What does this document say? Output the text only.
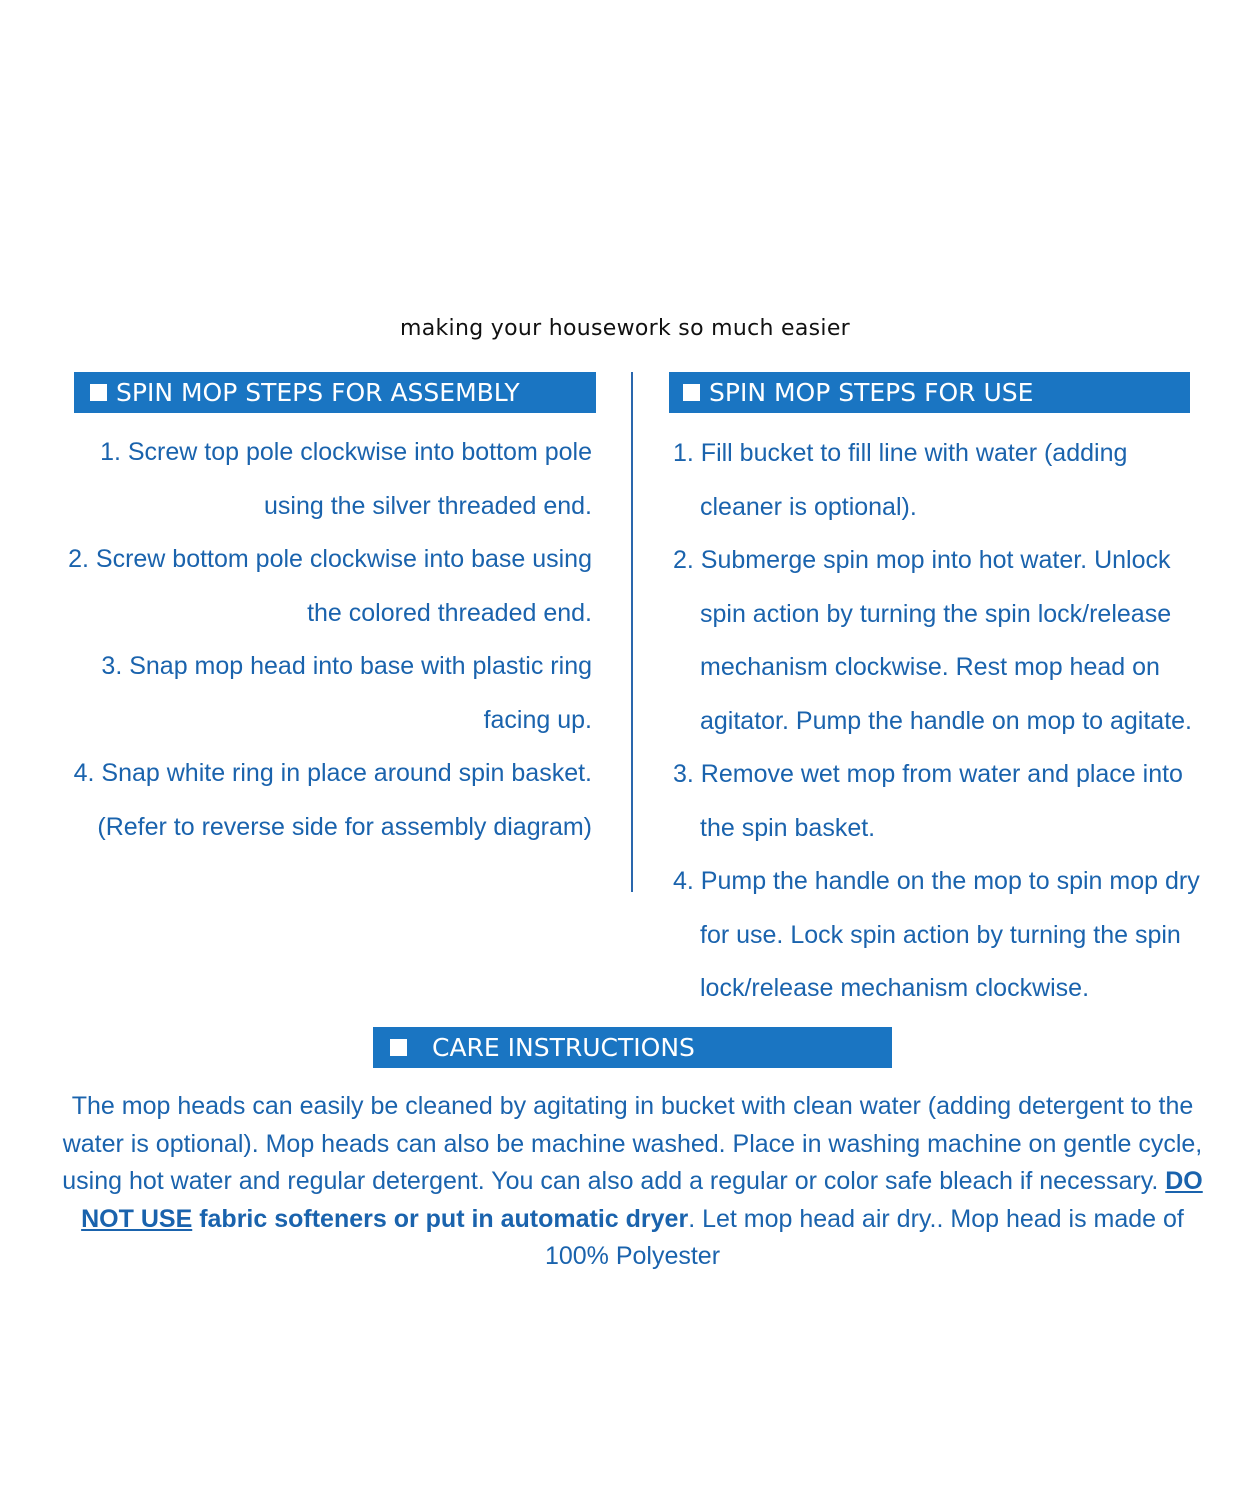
making your housework so much easier
SPIN MOP STEPS FOR ASSEMBLY
1. Screw top pole clockwise into bottom pole using the silver threaded end.
2. Screw bottom pole clockwise into base using the colored threaded end.
3. Snap mop head into base with plastic ring facing up.
4. Snap white ring in place around spin basket. (Refer to reverse side for assembly diagram)
SPIN MOP STEPS FOR USE
1. Fill bucket to fill line with water (adding cleaner is optional).
2. Submerge spin mop into hot water. Unlock spin action by turning the spin lock/release mechanism clockwise. Rest mop head on agitator. Pump the handle on mop to agitate.
3. Remove wet mop from water and place into the spin basket.
4. Pump the handle on the mop to spin mop dry for use. Lock spin action by turning the spin lock/release mechanism clockwise.
CARE INSTRUCTIONS
The mop heads can easily be cleaned by agitating in bucket with clean water (adding detergent to the water is optional). Mop heads can also be machine washed. Place in washing machine on gentle cycle, using hot water and regular detergent. You can also add a regular or color safe bleach if necessary. DO NOT USE fabric softeners or put in automatic dryer. Let mop head air dry.. Mop head is made of 100% Polyester
